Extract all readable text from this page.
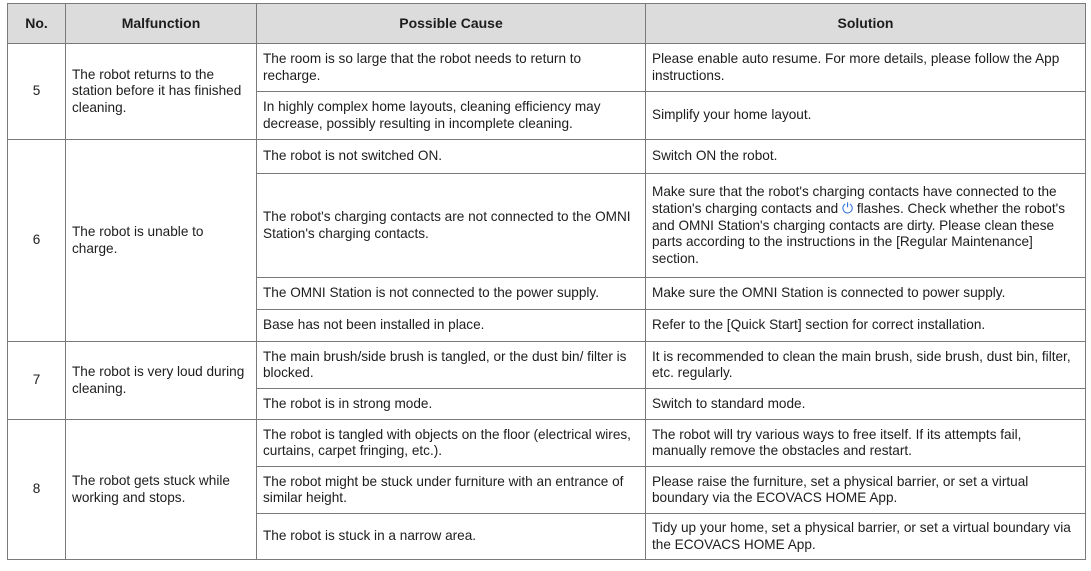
No.	Malfunction	Possible Cause	Solution
5	The robot returns to the station before it has finished cleaning.	The room is so large that the robot needs to return to recharge.	Please enable auto resume. For more details, please follow the App instructions.
		In highly complex home layouts, cleaning efficiency may decrease, possibly resulting in incomplete cleaning.	Simplify your home layout.
6	The robot is unable to charge.	The robot is not switched ON.	Switch ON the robot.
		The robot's charging contacts are not connected to the OMNI Station's charging contacts.	Make sure that the robot's charging contacts have connected to the station's charging contacts and ⏻ flashes. Check whether the robot's and OMNI Station's charging contacts are dirty. Please clean these parts according to the instructions in the [Regular Maintenance] section.
		The OMNI Station is not connected to the power supply.	Make sure the OMNI Station is connected to power supply.
		Base has not been installed in place.	Refer to the [Quick Start] section for correct installation.
7	The robot is very loud during cleaning.	The main brush/side brush is tangled, or the dust bin/ filter is blocked.	It is recommended to clean the main brush, side brush, dust bin, filter, etc. regularly.
		The robot is in strong mode.	Switch to standard mode.
8	The robot gets stuck while working and stops.	The robot is tangled with objects on the floor (electrical wires, curtains, carpet fringing, etc.).	The robot will try various ways to free itself. If its attempts fail, manually remove the obstacles and restart.
		The robot might be stuck under furniture with an entrance of similar height.	Please raise the furniture, set a physical barrier, or set a virtual boundary via the ECOVACS HOME App.
		The robot is stuck in a narrow area.	Tidy up your home, set a physical barrier, or set a virtual boundary via the ECOVACS HOME App.
